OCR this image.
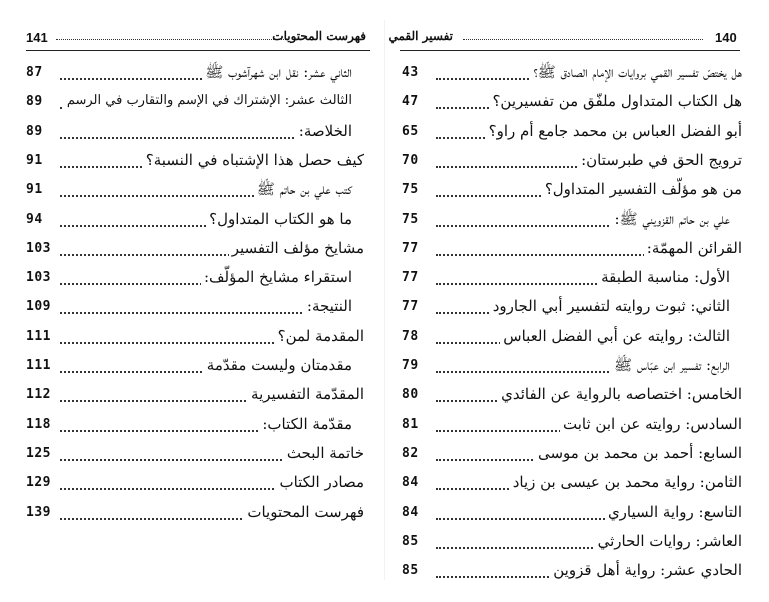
141	فهرست المحتويات
87	الثاني عشر: نقل ابن شهرآشوب ﷺ
89 الثالث عشر: الإشتراك في الإسم والتقارب في الرسم
89	الخلاصة:
91	كيف حصل هذا الإشتباه في النسبة؟
91	كتب علي بن حاتم ﷺ
94	ما هو الكتاب المتداول؟
103	مشايخ مؤلف التفسير
103	استقراء مشايخ المؤلّف:
109	النتيجة:
111	المقدمة لمن؟
111	مقدمتان وليست مقدّمة
112	المقدّمة التفسيرية
118	مقدّمة الكتاب:
125	خاتمة البحث
129	مصادر الكتاب
139	فهرست المحتويات
140
تفسير القمي
43	هل يختصّ تفسير القمي بروايات الإمام الصادق ﷺ؟
47	هل الكتاب المتداول ملفّق من تفسيرين؟
65	أبو الفضل العباس بن محمد جامع أم راو؟
70	ترويج الحق في طبرستان:
75	من هو مؤلّف التفسير المتداول؟
75	علي بن حاتم القزويني ﷺ:
77	القرائن المهمّة:
77	الأول: مناسبة الطبقة
77	الثاني: ثبوت روايته لتفسير أبي الجارود
78	الثالث: روايته عن أبي الفضل العباس
79	الرابع: تفسير ابن عبّاس ﷺ
80	الخامس: اختصاصه بالرواية عن الفائدي
81	السادس: روايته عن ابن ثابت
82	السابع: أحمد بن محمد بن موسى
84	الثامن: رواية محمد بن عيسى بن زياد
84	التاسع: رواية السياري
85	العاشر: روايات الحارثي
85	الحادي عشر: رواية أهل قزوين
